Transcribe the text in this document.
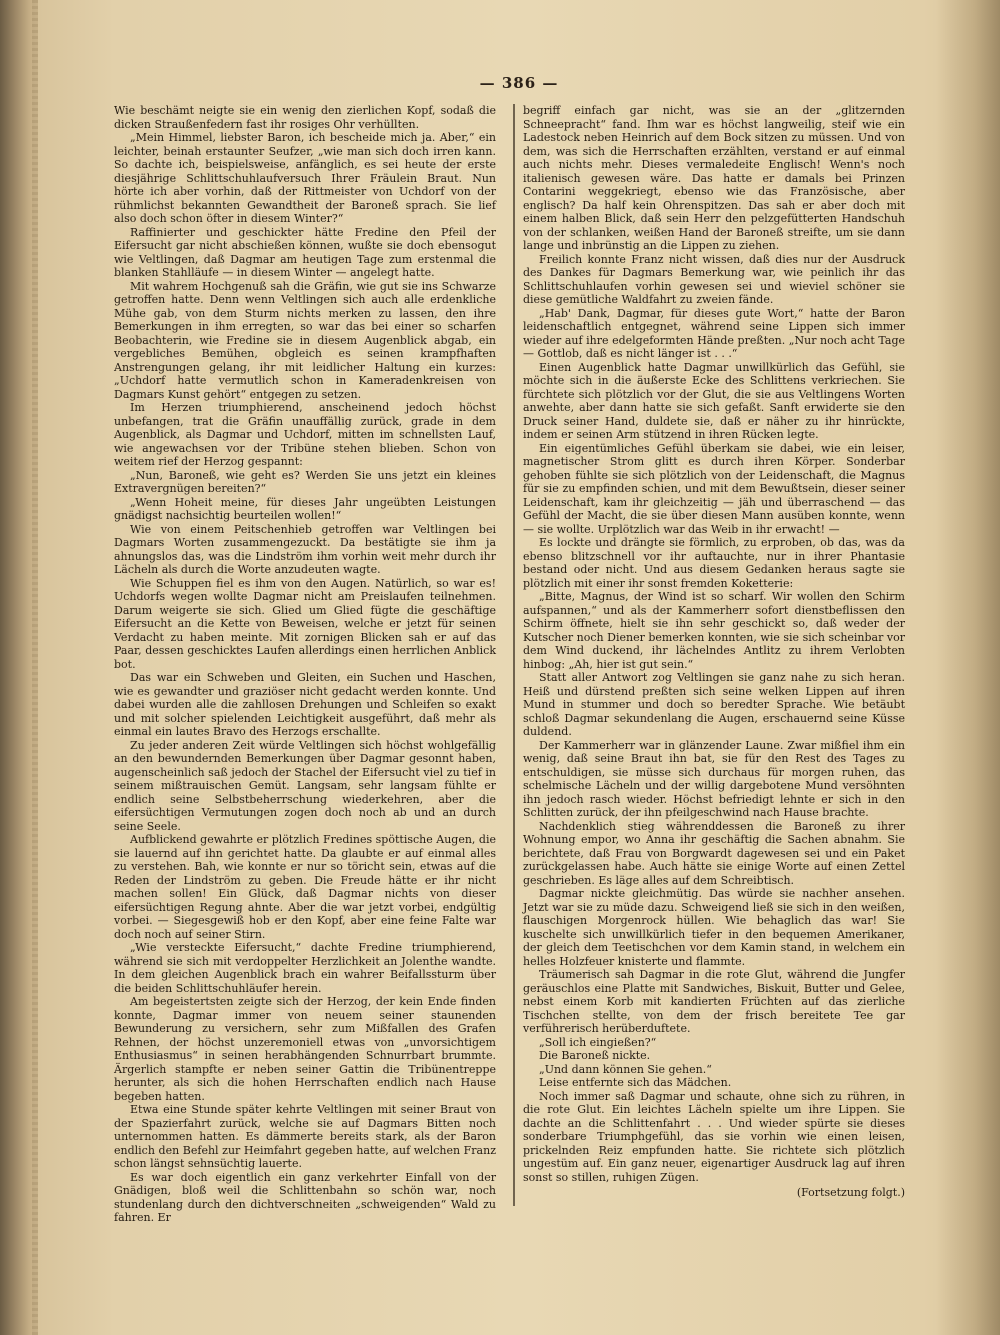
— 386 —

Wie beschämt neigte sie ein wenig den zierlichen Kopf, sodaß die dicken Straußenfedern fast ihr rosiges Ohr verhüllten.

„Mein Himmel, liebster Baron, ich bescheide mich ja. Aber,“ ein leichter, beinah erstaunter Seufzer, „wie man sich doch irren kann. So dachte ich, beispielsweise, anfänglich, es sei heute der erste diesjährige Schlittschuhlaufversuch Ihrer Fräulein Braut. Nun hörte ich aber vorhin, daß der Rittmeister von Uchdorf von der rühmlichst bekannten Gewandtheit der Baroneß sprach. Sie lief also doch schon öfter in diesem Winter?“

Raffinierter und geschickter hätte Fredine den Pfeil der Eifersucht gar nicht abschießen können, wußte sie doch ebensogut wie Veltlingen, daß Dagmar am heutigen Tage zum erstenmal die blanken Stahlläufe — in diesem Winter — angelegt hatte.

Mit wahrem Hochgenuß sah die Gräfin, wie gut sie ins Schwarze getroffen hatte. Denn wenn Veltlingen sich auch alle erdenkliche Mühe gab, von dem Sturm nichts merken zu lassen, den ihre Bemerkungen in ihm erregten, so war das bei einer so scharfen Beobachterin, wie Fredine sie in diesem Augenblick abgab, ein vergebliches Bemühen, obgleich es seinen krampfhaften Anstrengungen gelang, ihr mit leidlicher Haltung ein kurzes: „Uchdorf hatte vermutlich schon in Kameradenkreisen von Dagmars Kunst gehört“ entgegen zu setzen.

Im Herzen triumphierend, anscheinend jedoch höchst unbefangen, trat die Gräfin unauffällig zurück, grade in dem Augenblick, als Dagmar und Uchdorf, mitten im schnellsten Lauf, wie angewachsen vor der Tribüne stehen blieben. Schon von weitem rief der Herzog gespannt:

„Nun, Baroneß, wie geht es? Werden Sie uns jetzt ein kleines Extravergnügen bereiten?“

„Wenn Hoheit meine, für dieses Jahr ungeübten Leistungen gnädigst nachsichtig beurteilen wollen!“

Wie von einem Peitschenhieb getroffen war Veltlingen bei Dagmars Worten zusammengezuckt. Da bestätigte sie ihm ja ahnungslos das, was die Lindström ihm vorhin weit mehr durch ihr Lächeln als durch die Worte anzudeuten wagte.

Wie Schuppen fiel es ihm von den Augen. Natürlich, so war es! Uchdorfs wegen wollte Dagmar nicht am Preislaufen teilnehmen. Darum weigerte sie sich. Glied um Glied fügte die geschäftige Eifersucht an die Kette von Beweisen, welche er jetzt für seinen Verdacht zu haben meinte. Mit zornigen Blicken sah er auf das Paar, dessen geschicktes Laufen allerdings einen herrlichen Anblick bot.

Das war ein Schweben und Gleiten, ein Suchen und Haschen, wie es gewandter und graziöser nicht gedacht werden konnte. Und dabei wurden alle die zahllosen Drehungen und Schleifen so exakt und mit solcher spielenden Leichtigkeit ausgeführt, daß mehr als einmal ein lautes Bravo des Herzogs erschallte.

Zu jeder anderen Zeit würde Veltlingen sich höchst wohlgefällig an den bewundernden Bemerkungen über Dagmar gesonnt haben, augenscheinlich saß jedoch der Stachel der Eifersucht viel zu tief in seinem mißtrauischen Gemüt. Langsam, sehr langsam fühlte er endlich seine Selbstbeherrschung wiederkehren, aber die eifersüchtigen Vermutungen zogen doch noch ab und an durch seine Seele.

Aufblickend gewahrte er plötzlich Fredines spöttische Augen, die sie lauernd auf ihn gerichtet hatte. Da glaubte er auf einmal alles zu verstehen. Bah, wie konnte er nur so töricht sein, etwas auf die Reden der Lindström zu geben. Die Freude hätte er ihr nicht machen sollen! Ein Glück, daß Dagmar nichts von dieser eifersüchtigen Regung ahnte. Aber die war jetzt vorbei, endgültig vorbei. — Siegesgewiß hob er den Kopf, aber eine feine Falte war doch noch auf seiner Stirn.

„Wie versteckte Eifersucht,“ dachte Fredine triumphierend, während sie sich mit verdoppelter Herzlichkeit an Jolenthe wandte. In dem gleichen Augenblick brach ein wahrer Beifallssturm über die beiden Schlittschuhläufer herein.

Am begeistertsten zeigte sich der Herzog, der kein Ende finden konnte, Dagmar immer von neuem seiner staunenden Bewunderung zu versichern, sehr zum Mißfallen des Grafen Rehnen, der höchst unzeremoniell etwas von „unvorsichtigem Enthusiasmus“ in seinen herabhängenden Schnurrbart brummte. Ärgerlich stampfte er neben seiner Gattin die Tribünentreppe herunter, als sich die hohen Herrschaften endlich nach Hause begeben hatten.

Etwa eine Stunde später kehrte Veltlingen mit seiner Braut von der Spazierfahrt zurück, welche sie auf Dagmars Bitten noch unternommen hatten. Es dämmerte bereits stark, als der Baron endlich den Befehl zur Heimfahrt gegeben hatte, auf welchen Franz schon längst sehnsüchtig lauerte.

Es war doch eigentlich ein ganz verkehrter Einfall von der Gnädigen, bloß weil die Schlittenbahn so schön war, noch stundenlang durch den dichtverschneiten „schweigenden“ Wald zu fahren. Er

begriff einfach gar nicht, was sie an der „glitzernden Schneepracht“ fand. Ihm war es höchst langweilig, steif wie ein Ladestock neben Heinrich auf dem Bock sitzen zu müssen. Und von dem, was sich die Herrschaften erzählten, verstand er auf einmal auch nichts mehr. Dieses vermaledeite Englisch! Wenn's noch italienisch gewesen wäre. Das hatte er damals bei Prinzen Contarini weggekriegt, ebenso wie das Französische, aber englisch? Da half kein Ohrenspitzen. Das sah er aber doch mit einem halben Blick, daß sein Herr den pelzgefütterten Handschuh von der schlanken, weißen Hand der Baroneß streifte, um sie dann lange und inbrünstig an die Lippen zu ziehen.

Freilich konnte Franz nicht wissen, daß dies nur der Ausdruck des Dankes für Dagmars Bemerkung war, wie peinlich ihr das Schlittschuhlaufen vorhin gewesen sei und wieviel schöner sie diese gemütliche Waldfahrt zu zweien fände.

„Hab' Dank, Dagmar, für dieses gute Wort,“ hatte der Baron leidenschaftlich entgegnet, während seine Lippen sich immer wieder auf ihre edelgeformten Hände preßten. „Nur noch acht Tage — Gottlob, daß es nicht länger ist . . .“

Einen Augenblick hatte Dagmar unwillkürlich das Gefühl, sie möchte sich in die äußerste Ecke des Schlittens verkriechen. Sie fürchtete sich plötzlich vor der Glut, die sie aus Veltlingens Worten anwehte, aber dann hatte sie sich gefaßt. Sanft erwiderte sie den Druck seiner Hand, duldete sie, daß er näher zu ihr hinrückte, indem er seinen Arm stützend in ihren Rücken legte.

Ein eigentümliches Gefühl überkam sie dabei, wie ein leiser, magnetischer Strom glitt es durch ihren Körper. Sonderbar gehoben fühlte sie sich plötzlich von der Leidenschaft, die Magnus für sie zu empfinden schien, und mit dem Bewußtsein, dieser seiner Leidenschaft, kam ihr gleichzeitig — jäh und überraschend — das Gefühl der Macht, die sie über diesen Mann ausüben konnte, wenn — sie wollte. Urplötzlich war das Weib in ihr erwacht! —

Es lockte und drängte sie förmlich, zu erproben, ob das, was da ebenso blitzschnell vor ihr auftauchte, nur in ihrer Phantasie bestand oder nicht. Und aus diesem Gedanken heraus sagte sie plötzlich mit einer ihr sonst fremden Koketterie:

„Bitte, Magnus, der Wind ist so scharf. Wir wollen den Schirm aufspannen,“ und als der Kammerherr sofort dienstbeflissen den Schirm öffnete, hielt sie ihn sehr geschickt so, daß weder der Kutscher noch Diener bemerken konnten, wie sie sich scheinbar vor dem Wind duckend, ihr lächelndes Antlitz zu ihrem Verlobten hinbog: „Ah, hier ist gut sein.“

Statt aller Antwort zog Veltlingen sie ganz nahe zu sich heran. Heiß und dürstend preßten sich seine welken Lippen auf ihren Mund in stummer und doch so beredter Sprache. Wie betäubt schloß Dagmar sekundenlang die Augen, erschauernd seine Küsse duldend.

Der Kammerherr war in glänzender Laune. Zwar mißfiel ihm ein wenig, daß seine Braut ihn bat, sie für den Rest des Tages zu entschuldigen, sie müsse sich durchaus für morgen ruhen, das schelmische Lächeln und der willig dargebotene Mund versöhnten ihn jedoch rasch wieder. Höchst befriedigt lehnte er sich in den Schlitten zurück, der ihn pfeilgeschwind nach Hause brachte.

Nachdenklich stieg währenddessen die Baroneß zu ihrer Wohnung empor, wo Anna ihr geschäftig die Sachen abnahm. Sie berichtete, daß Frau von Borgwardt dagewesen sei und ein Paket zurückgelassen habe. Auch hätte sie einige Worte auf einen Zettel geschrieben. Es läge alles auf dem Schreibtisch.

Dagmar nickte gleichmütig. Das würde sie nachher ansehen. Jetzt war sie zu müde dazu. Schweigend ließ sie sich in den weißen, flauschigen Morgenrock hüllen. Wie behaglich das war! Sie kuschelte sich unwillkürlich tiefer in den bequemen Amerikaner, der gleich dem Teetischchen vor dem Kamin stand, in welchem ein helles Holzfeuer knisterte und flammte.

Träumerisch sah Dagmar in die rote Glut, während die Jungfer geräuschlos eine Platte mit Sandwiches, Biskuit, Butter und Gelee, nebst einem Korb mit kandierten Früchten auf das zierliche Tischchen stellte, von dem der frisch bereitete Tee gar verführerisch herüberduftete.

„Soll ich eingießen?“

Die Baroneß nickte.

„Und dann können Sie gehen.“

Leise entfernte sich das Mädchen.

Noch immer saß Dagmar und schaute, ohne sich zu rühren, in die rote Glut. Ein leichtes Lächeln spielte um ihre Lippen. Sie dachte an die Schlittenfahrt . . . Und wieder spürte sie dieses sonderbare Triumphgefühl, das sie vorhin wie einen leisen, prickelnden Reiz empfunden hatte. Sie richtete sich plötzlich ungestüm auf. Ein ganz neuer, eigenartiger Ausdruck lag auf ihren sonst so stillen, ruhigen Zügen.

(Fortsetzung folgt.)
